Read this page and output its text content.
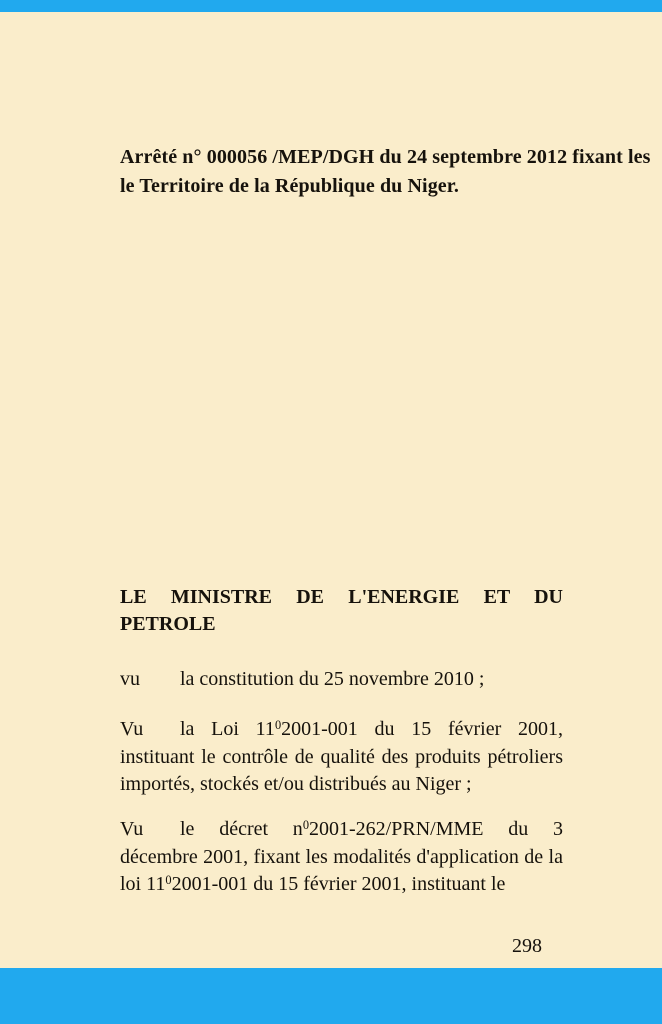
Arrêté n° 000056 /MEP/DGH du 24 septembre 2012 fixant les
le Territoire de la République du Niger.
LE MINISTRE DE L'ENERGIE ET DU
PETROLE

vu la constitution du 25 novembre 2010 ;

Vu la Loi $11^02001-001$ du 15 février 2001, instituant le contrôle de qualité des produits pétroliers importés, stockés et/ou distribués au Niger ;

Vu le décret $n^02001-262/PRN$/MME du 3 décembre 2001, fixant les modalités d'application de la loi $11^02001-001$ du 15 février 2001, instituant le

298
